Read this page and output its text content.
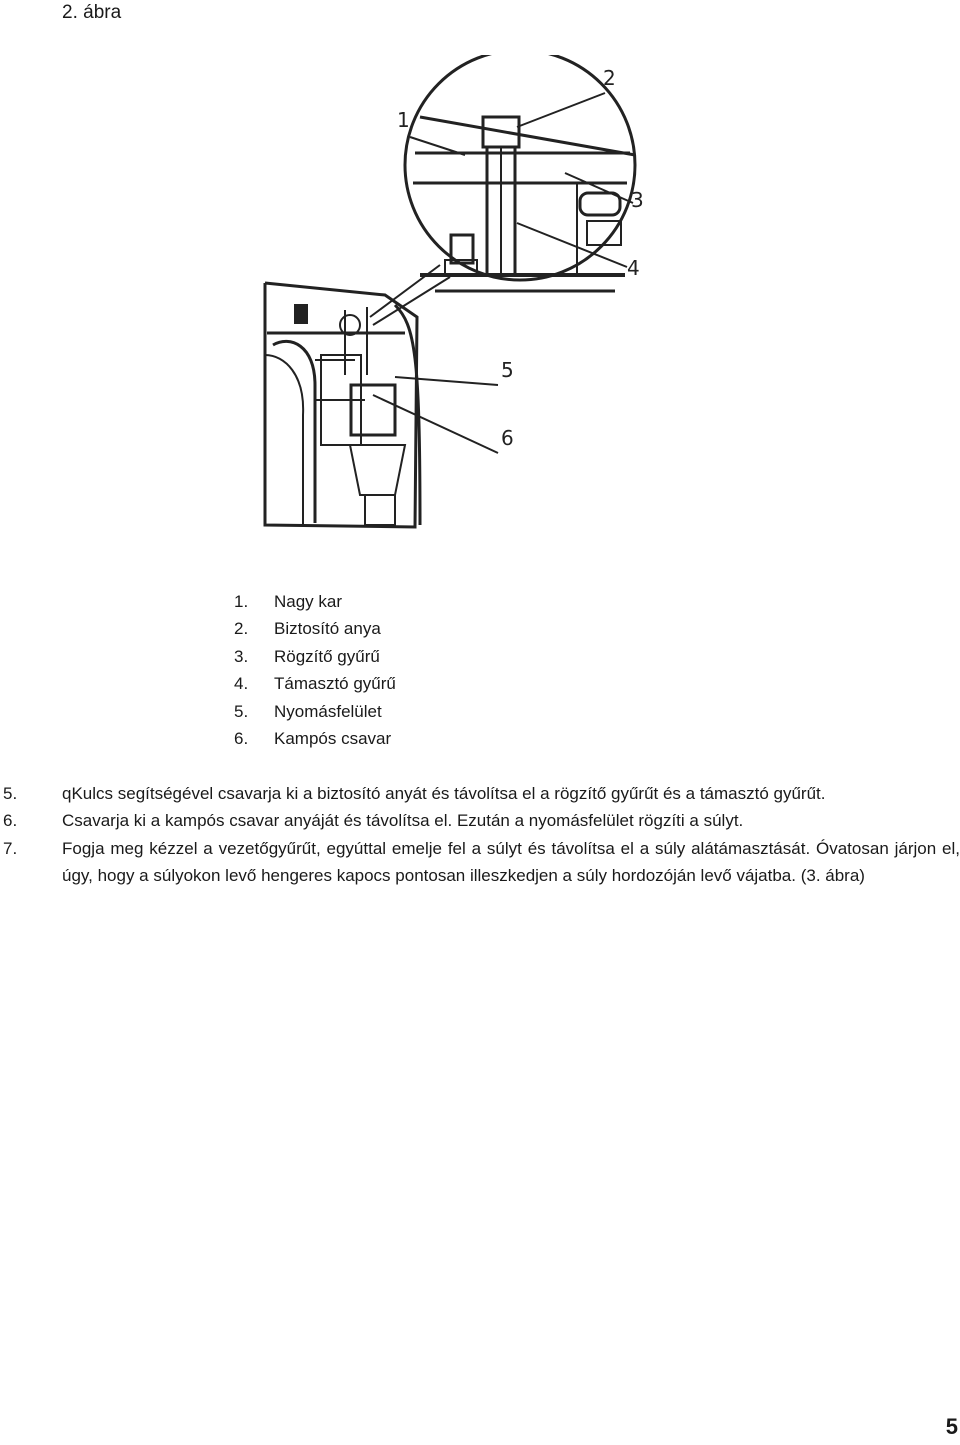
2. ábra
1
2
3
4
5
6
1.	Nagy kar
2.	Biztosító anya
3.	Rögzítő gyűrű
4.	Támasztó gyűrű
5.	Nyomásfelület
6.	Kampós csavar
5.	qKulcs segítségével csavarja ki a biztosító anyát és távolítsa el a rögzítő gyűrűt és a támasztó gyűrűt.
6.	Csavarja ki a kampós csavar anyáját és távolítsa el. Ezután a nyomásfelület rögzíti a súlyt.
7.	Fogja meg kézzel a vezetőgyűrűt, egyúttal emelje fel a súlyt és távolítsa el a súly alátámasztását. Óvatosan járjon el, úgy, hogy a súlyokon levő hengeres kapocs pontosan illeszkedjen a súly hordozóján levő vájatba. (3. ábra)
5
